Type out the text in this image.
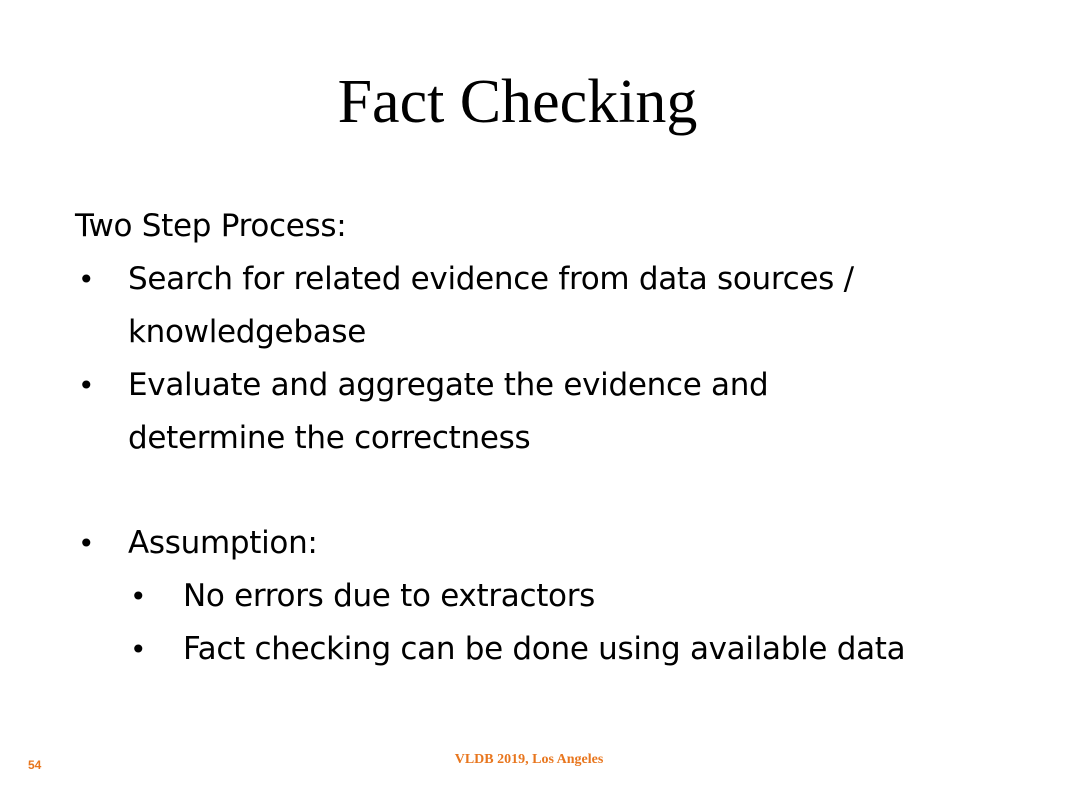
Fact Checking
Two Step Process:
• Search for related evidence from data sources /
knowledgebase
• Evaluate and aggregate the evidence and
determine the correctness
• Assumption:
• No errors due to extractors
• Fact checking can be done using available data
54	VLDB 2019, Los Angeles
